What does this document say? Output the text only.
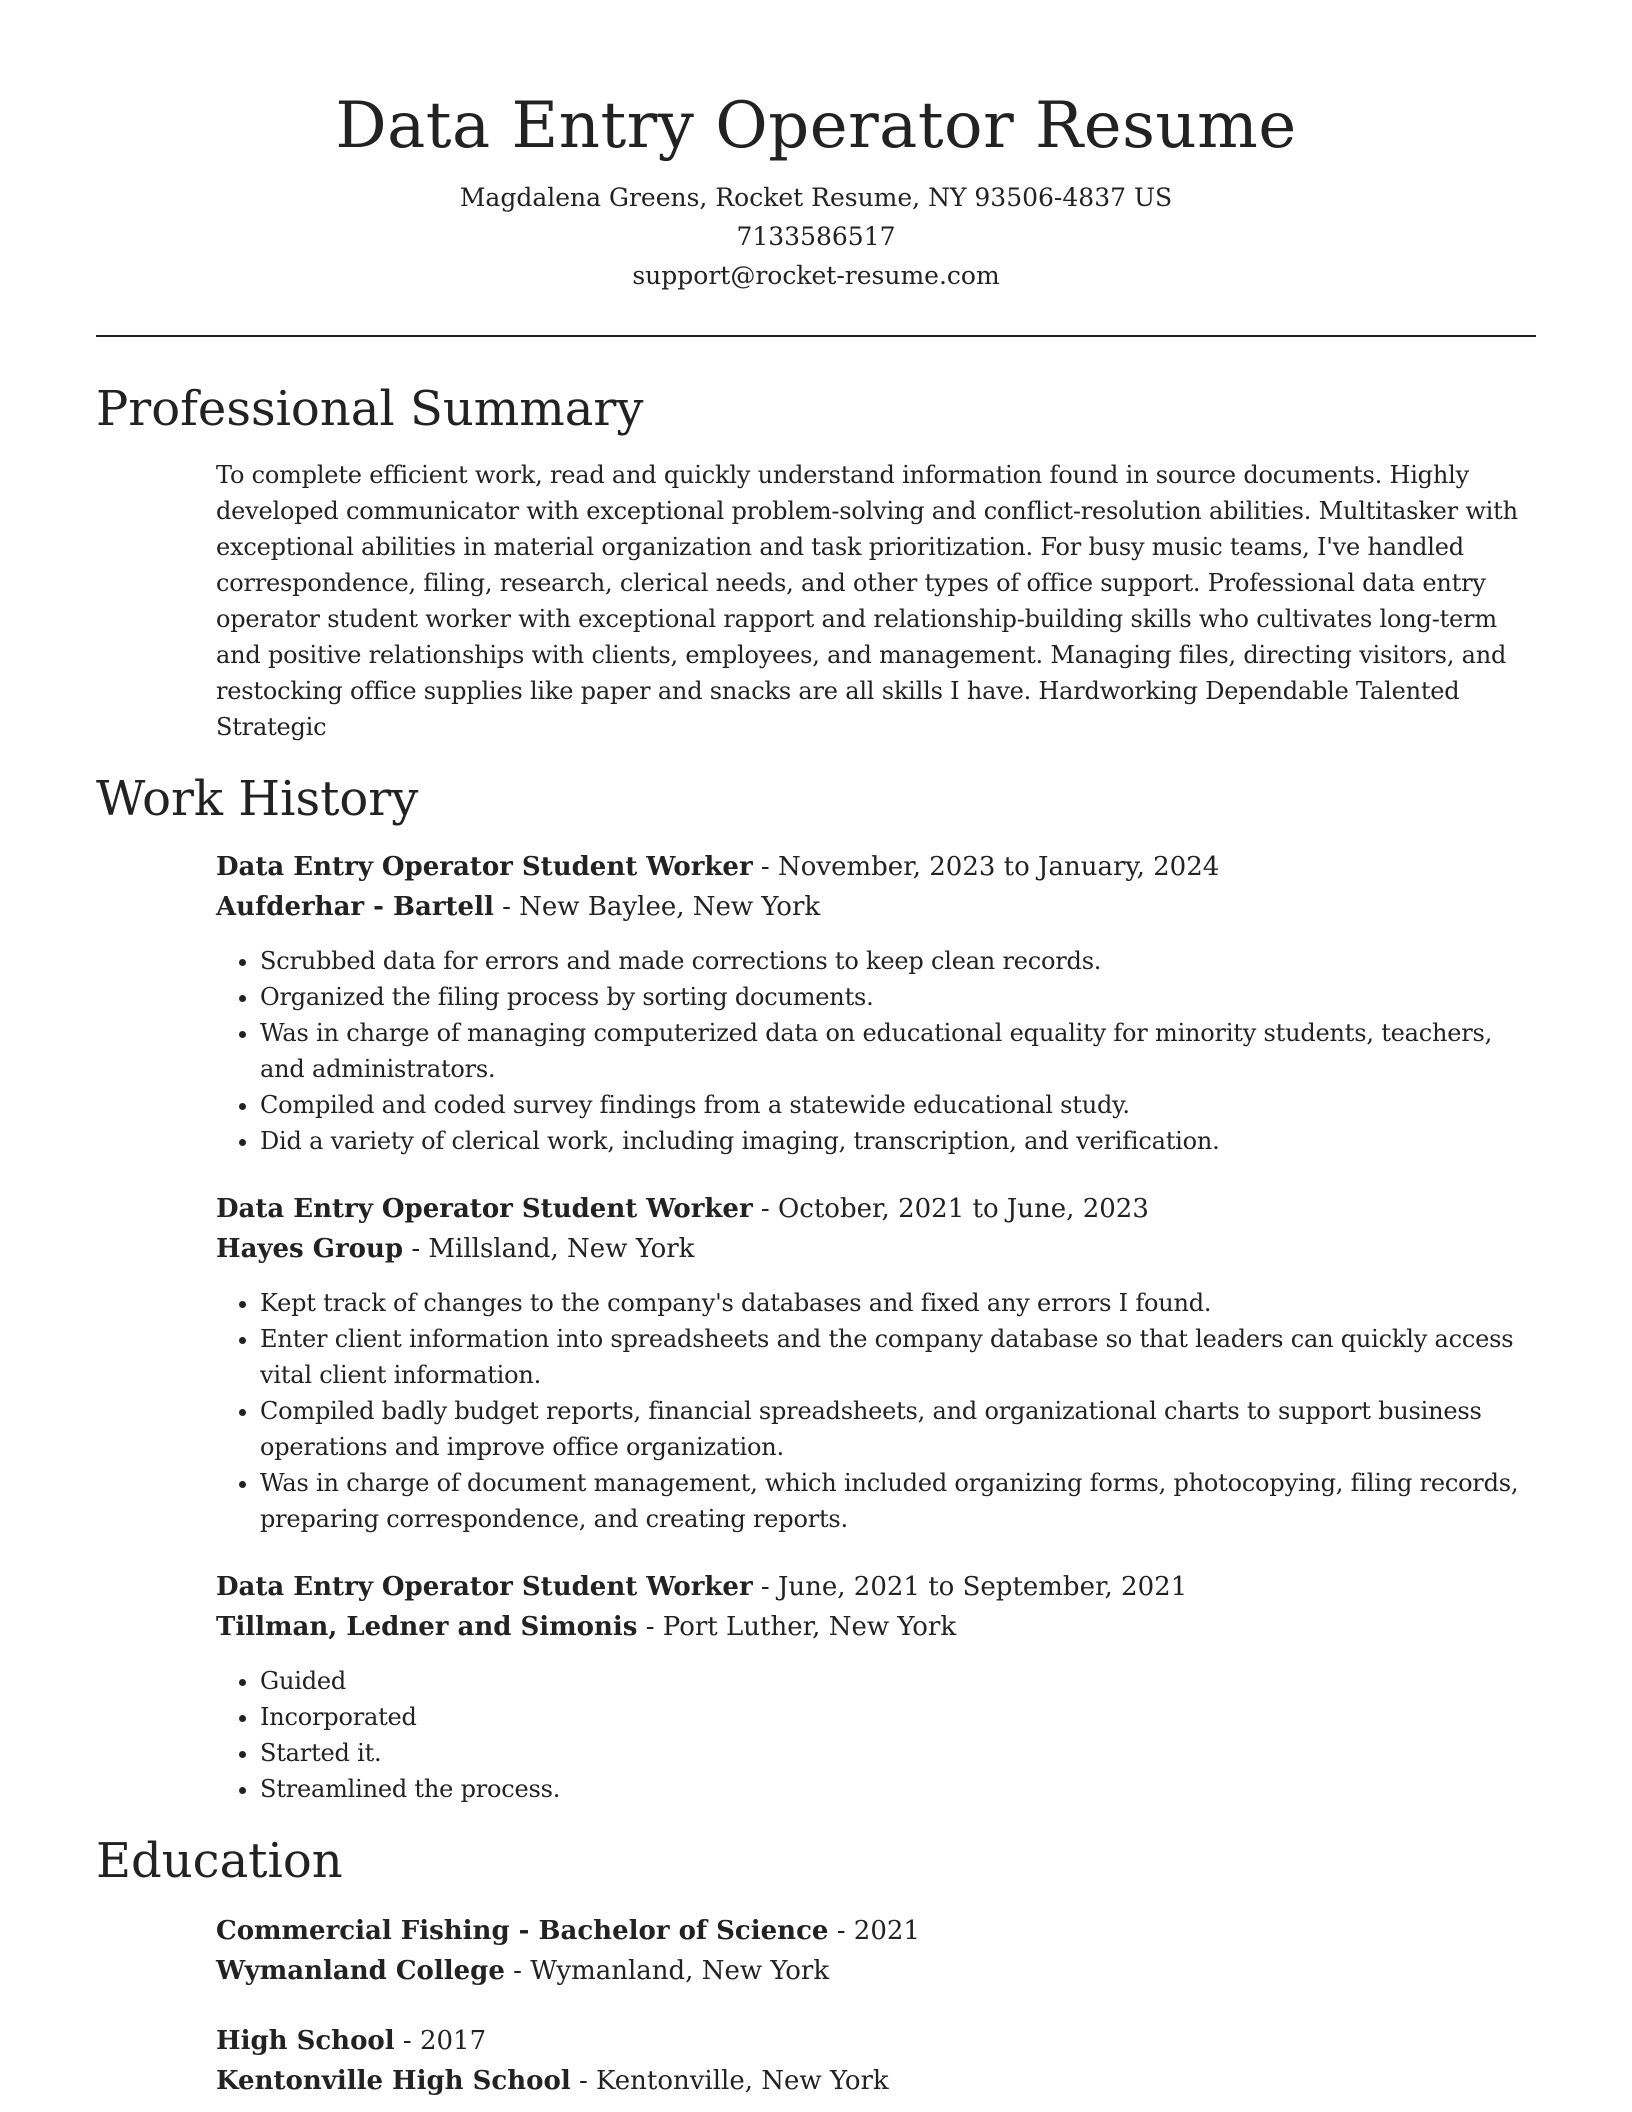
Data Entry Operator Resume
Magdalena Greens, Rocket Resume, NY 93506-4837 US
7133586517
support@rocket-resume.com
Professional Summary

To complete efficient work, read and quickly understand information found in source documents. Highly developed communicator with exceptional problem-solving and conflict-resolution abilities. Multitasker with exceptional abilities in material organization and task prioritization. For busy music teams, I've handled correspondence, filing, research, clerical needs, and other types of office support. Professional data entry operator student worker with exceptional rapport and relationship-building skills who cultivates long-term and positive relationships with clients, employees, and management. Managing files, directing visitors, and restocking office supplies like paper and snacks are all skills I have. Hardworking Dependable Talented Strategic

Work History
Data Entry Operator Student Worker - November, 2023 to January, 2024
Aufderhar - Bartell - New Baylee, New York
• Scrubbed data for errors and made corrections to keep clean records.
• Organized the filing process by sorting documents.
• Was in charge of managing computerized data on educational equality for minority students, teachers, and administrators.
• Compiled and coded survey findings from a statewide educational study.
• Did a variety of clerical work, including imaging, transcription, and verification.
Data Entry Operator Student Worker - October, 2021 to June, 2023
Hayes Group - Millsland, New York
• Kept track of changes to the company's databases and fixed any errors I found.
• Enter client information into spreadsheets and the company database so that leaders can quickly access vital client information.
• Compiled badly budget reports, financial spreadsheets, and organizational charts to support business operations and improve office organization.
• Was in charge of document management, which included organizing forms, photocopying, filing records, preparing correspondence, and creating reports.
Data Entry Operator Student Worker - June, 2021 to September, 2021
Tillman, Ledner and Simonis - Port Luther, New York
• Guided
• Incorporated
• Started it.
• Streamlined the process.
Education
Commercial Fishing - Bachelor of Science - 2021
Wymanland College - Wymanland, New York
High School - 2017
Kentonville High School - Kentonville, New York
